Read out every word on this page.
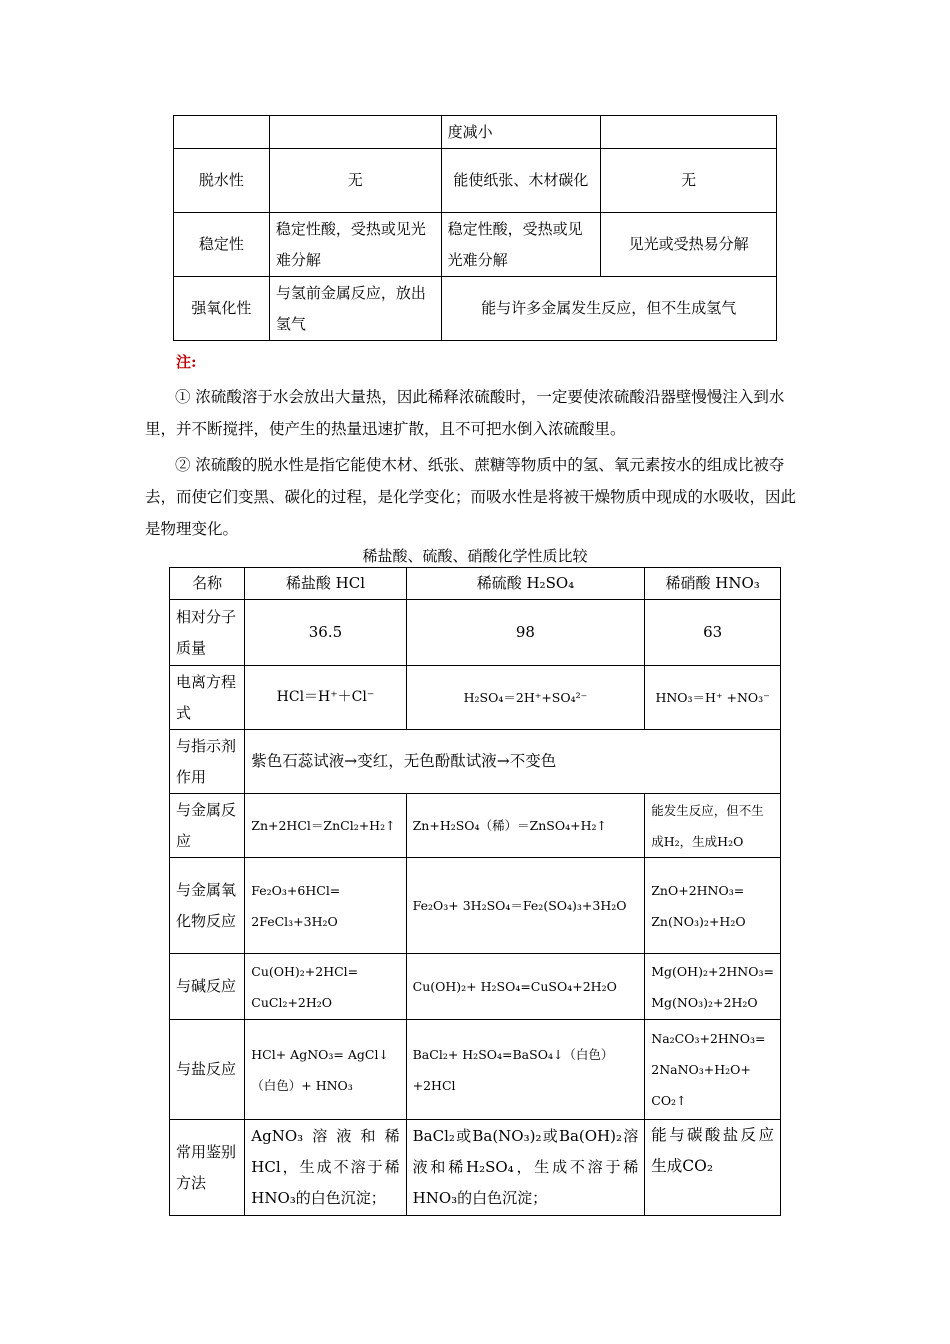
		度减小	
脱水性	无	能使纸张、木材碳化	无
稳定性	稳定性酸，受热或见光难分解	稳定性酸，受热或见光难分解	见光或受热易分解
强氧化性	与氢前金属反应，放出氢气	能与许多金属发生反应，但不生成氢气	
注:

① 浓硫酸溶于水会放出大量热，因此稀释浓硫酸时，一定要使浓硫酸沿器壁慢慢注入到水里，并不断搅拌，使产生的热量迅速扩散，且不可把水倒入浓硫酸里。

② 浓硫酸的脱水性是指它能使木材、纸张、蔗糖等物质中的氢、氧元素按水的组成比被夺去，而使它们变黑、碳化的过程，是化学变化；而吸水性是将被干燥物质中现成的水吸收，因此是物理变化。

稀盐酸、硫酸、硝酸化学性质比较
名称	稀盐酸 HCl	稀硫酸 H₂SO₄	稀硝酸 HNO₃
相对分子质量	36.5	98	63
电离方程式	HCl＝H⁺＋Cl⁻	H₂SO₄＝2H⁺+SO₄²⁻	HNO₃＝H⁺ +NO₃⁻
与指示剂作用	紫色石蕊试液→变红，无色酚酞试液→不变色		
与金属反应	Zn+2HCl＝ZnCl₂+H₂↑	Zn+H₂SO₄（稀）＝ZnSO₄+H₂↑	能发生反应，但不生成H₂，生成H₂O
与金属氧化物反应	Fe₂O₃+6HCl= 2FeCl₃+3H₂O	Fe₂O₃+ 3H₂SO₄＝Fe₂(SO₄)₃+3H₂O	ZnO+2HNO₃= Zn(NO₃)₂+H₂O
与碱反应	Cu(OH)₂+2HCl= CuCl₂+2H₂O	Cu(OH)₂+ H₂SO₄=CuSO₄+2H₂O	Mg(OH)₂+2HNO₃= Mg(NO₃)₂+2H₂O
与盐反应	HCl+ AgNO₃= AgCl↓（白色）+ HNO₃	BaCl₂+ H₂SO₄=BaSO₄↓（白色）+2HCl	Na₂CO₃+2HNO₃= 2NaNO₃+H₂O+ CO₂↑
常用鉴别方法	AgNO₃溶液和稀HCl，生成不溶于稀HNO₃的白色沉淀；	BaCl₂或Ba(NO₃)₂或Ba(OH)₂溶液和稀H₂SO₄，生成不溶于稀HNO₃的白色沉淀；	能与碳酸盐反应生成CO₂
